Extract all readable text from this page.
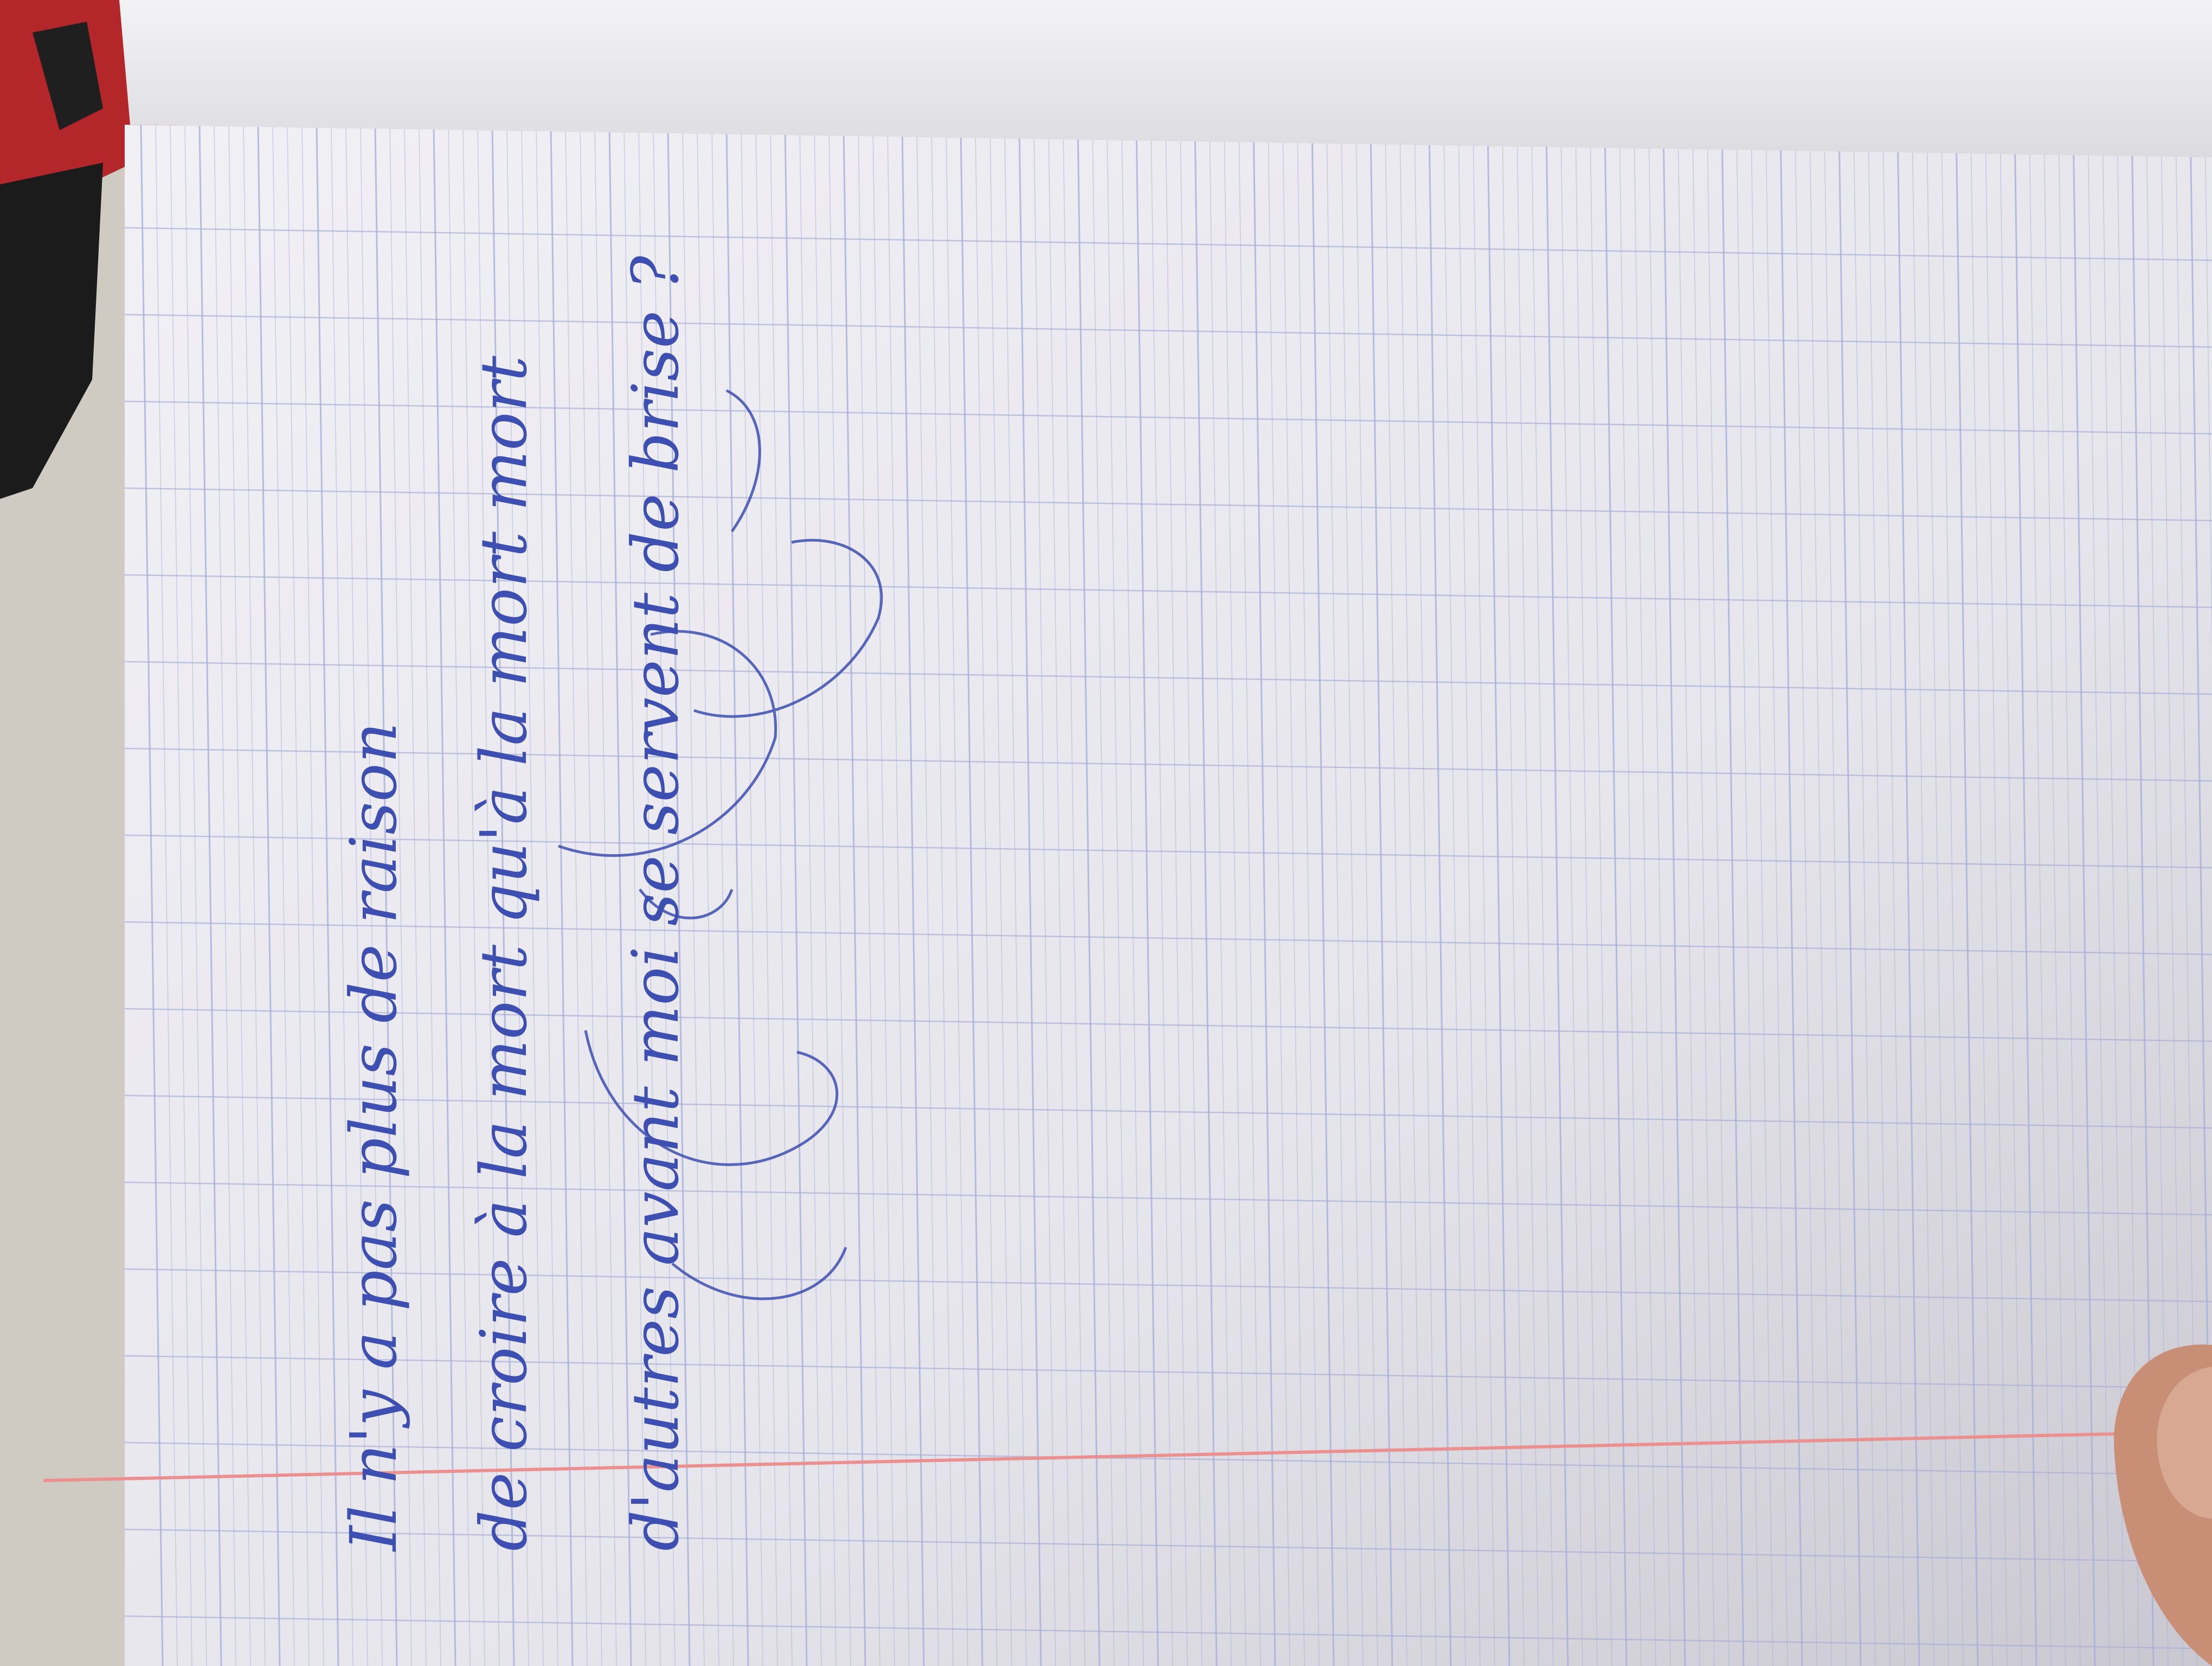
Il n'y a pas plus de raison de croire à la mort qu'à la mort mort d'autres avant moi se servent de brise ?
